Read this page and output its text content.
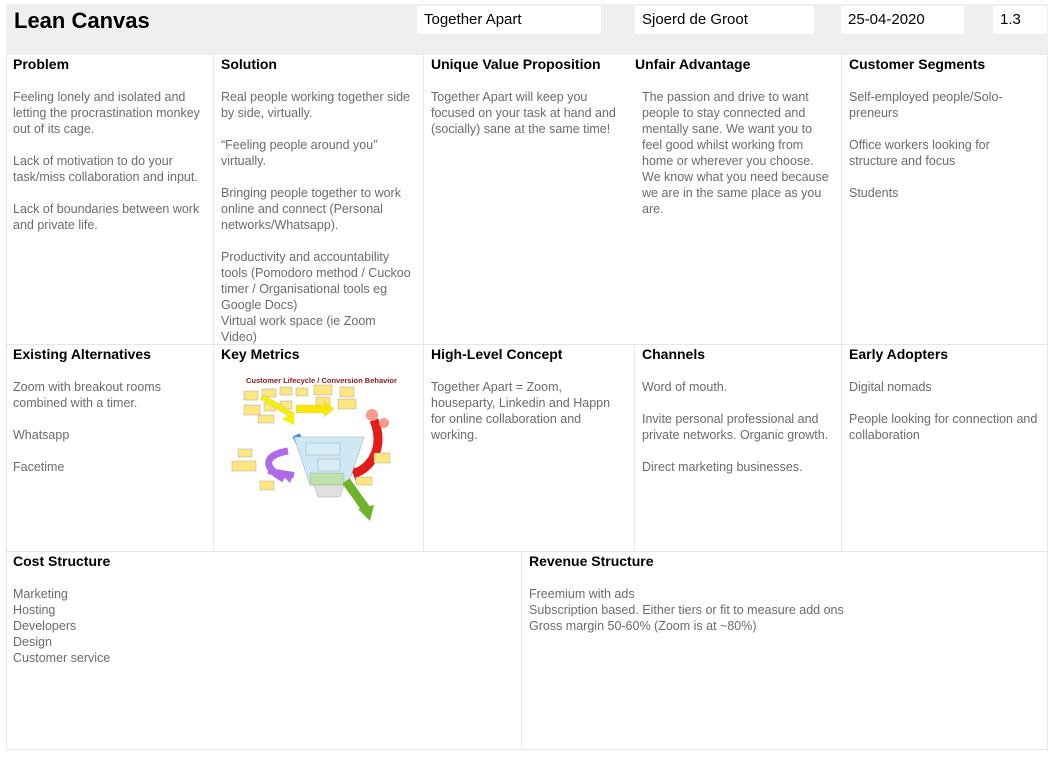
Lean Canvas	Together Apart	Sjoerd de Groot	25-04-2020	1.3
Problem
Feeling lonely and isolated and letting the procrastination monkey out of its cage.

Lack of motivation to do your task/miss collaboration and input.

Lack of boundaries between work and private life.
Solution
Real people working together side by side, virtually.

“Feeling people around you” virtually.

Bringing people together to work online and connect (Personal networks/Whatsapp).

Productivity and accountability tools (Pomodoro method / Cuckoo timer / Organisational tools eg Google Docs)
Virtual work space (ie Zoom Video)
Unique Value Proposition
Together Apart will keep you focused on your task at hand and (socially) sane at the same time!
Unfair Advantage
The passion and drive to want people to stay connected and mentally sane. We want you to feel good whilst working from home or wherever you choose. We know what you need because we are in the same place as you are.
Customer Segments
Self-employed people/Solo-preneurs

Office workers looking for structure and focus

Students
Existing Alternatives
Zoom with breakout rooms combined with a timer.

Whatsapp

Facetime
Key Metrics
Customer Lifecycle / Conversion Behavior
High-Level Concept
Together Apart = Zoom, houseparty, Linkedin and Happn for online collaboration and working.
Channels
Word of mouth.

Invite personal professional and private networks. Organic growth.

Direct marketing businesses.
Early Adopters
Digital nomads

People looking for connection and collaboration
Cost Structure
Marketing
Hosting
Developers
Design
Customer service
Revenue Structure
Freemium with ads
Subscription based. Either tiers or fit to measure add ons
Gross margin 50-60% (Zoom is at ~80%)
